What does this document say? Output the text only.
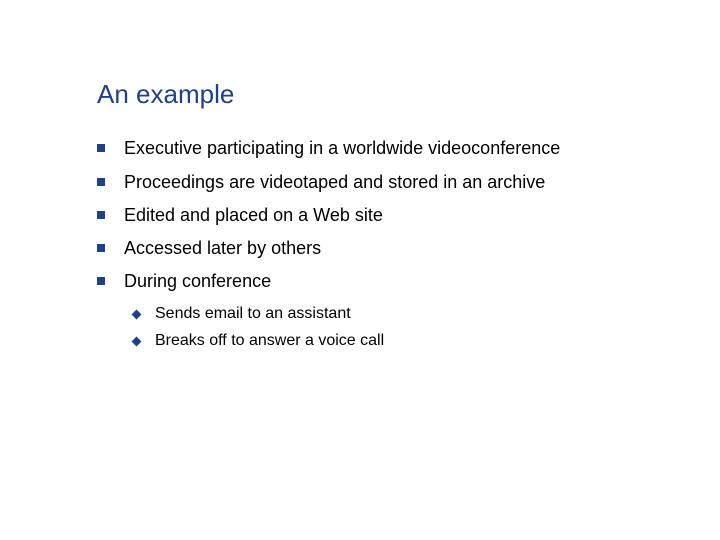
An example
Executive participating in a worldwide videoconference
Proceedings are videotaped and stored in an archive
Edited and placed on a Web site
Accessed later by others
During conference
Sends email to an assistant
Breaks off to answer a voice call
